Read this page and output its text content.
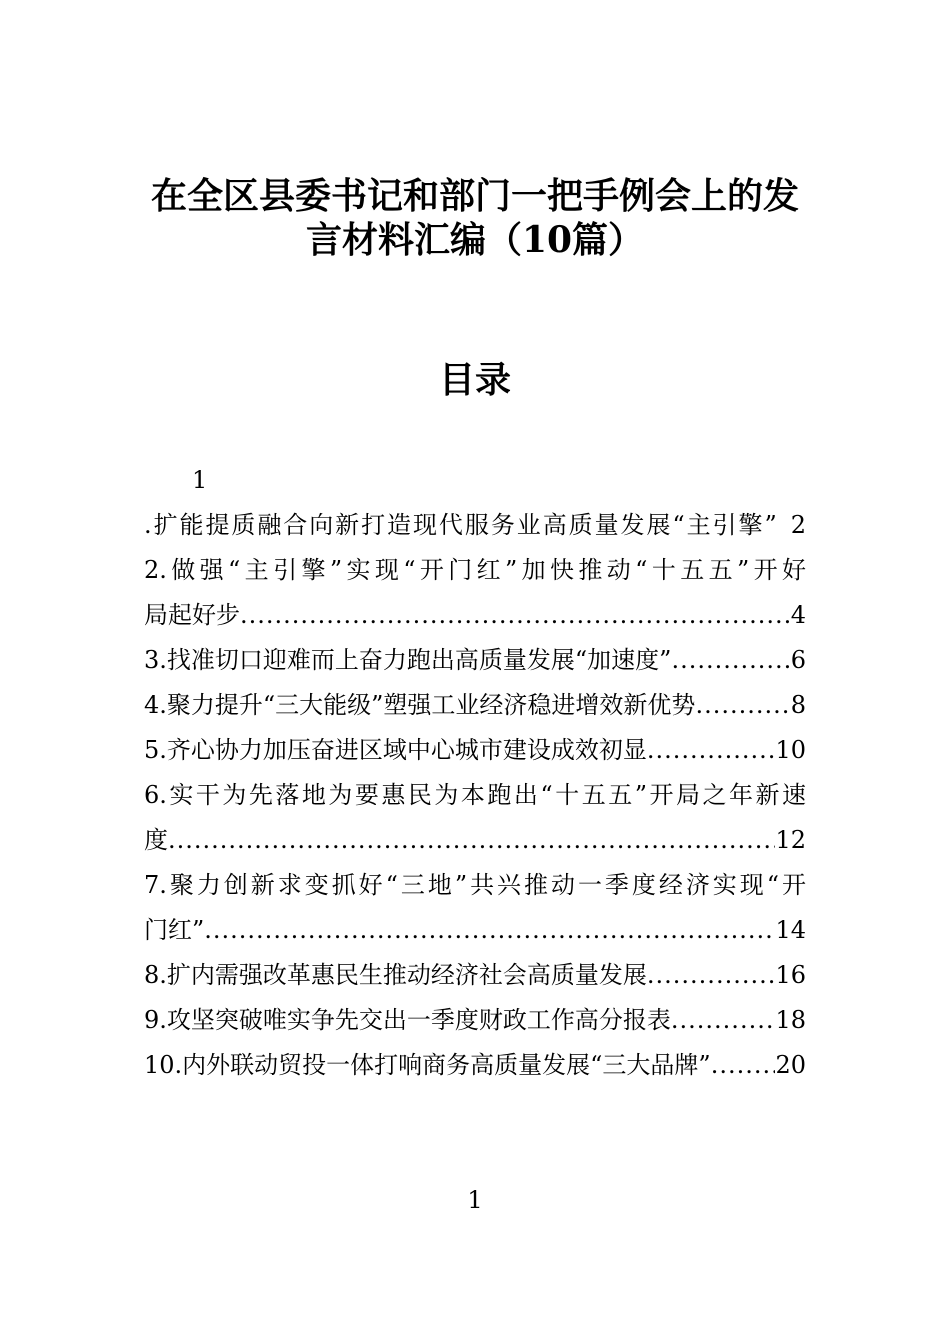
在全区县委书记和部门一把手例会上的发
言材料汇编（10篇）
目录
1
.扩能提质融合向新打造现代服务业高质量发展“主引擎” 2
2.做强“主引擎”实现“开门红”加快推动“十五五”开好
局起好步 .....	4
3.找准切口迎难而上奋力跑出高质量发展“加速度” .....	6
4.聚力提升“三大能级”塑强工业经济稳进增效新优势 .....	8
5.齐心协力加压奋进区域中心城市建设成效初显 .....	10
6.实干为先落地为要惠民为本跑出“十五五”开局之年新速
度 .....	12
7.聚力创新求变抓好“三地”共兴推动一季度经济实现“开
门红” .....	14
8.扩内需强改革惠民生推动经济社会高质量发展 .....	16
9.攻坚突破唯实争先交出一季度财政工作高分报表 .....	18
10.内外联动贸投一体打响商务高质量发展“三大品牌” .....	20
1
